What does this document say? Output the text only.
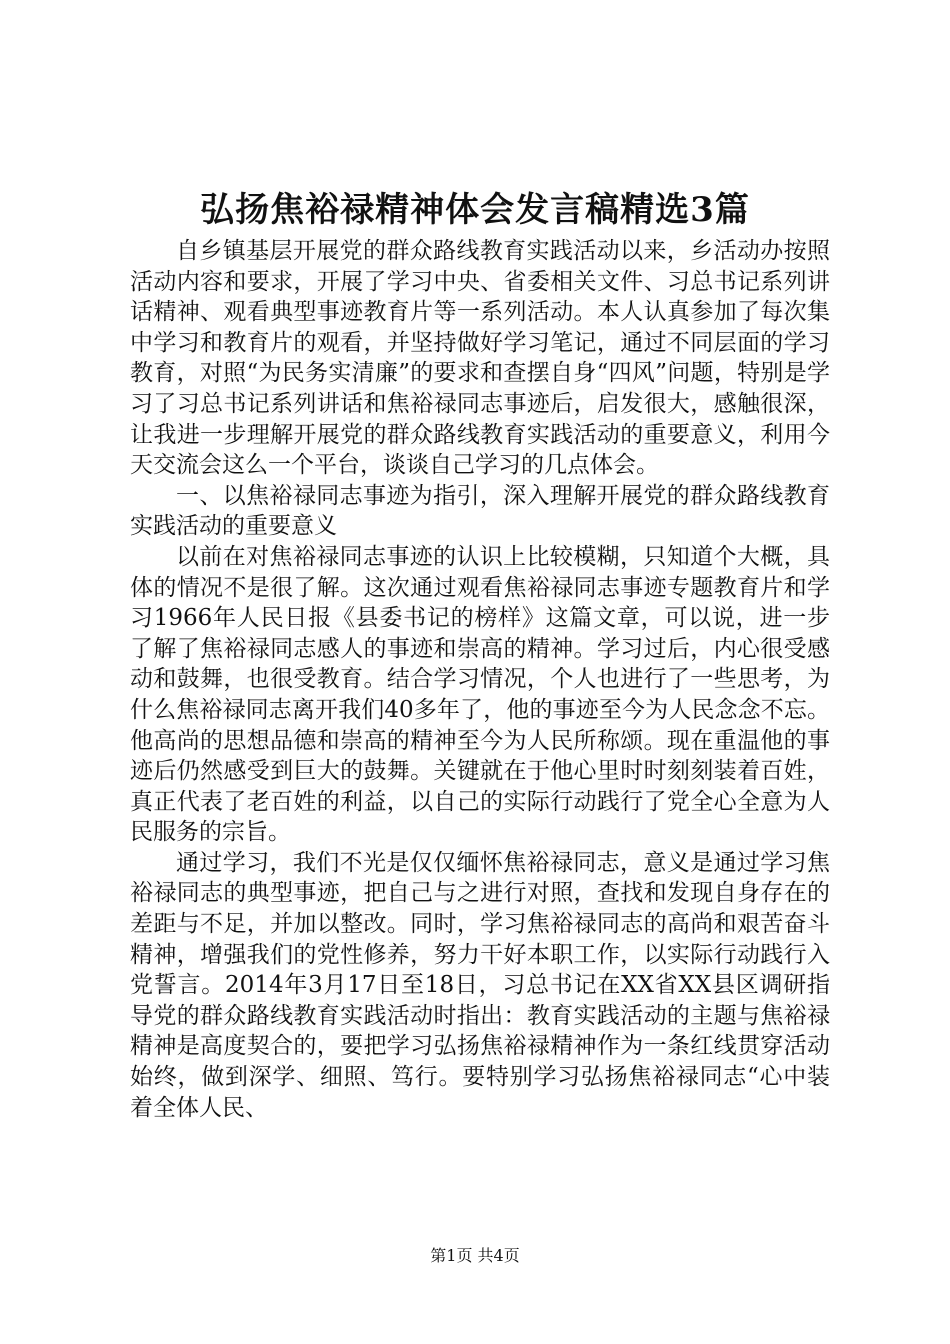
弘扬焦裕禄精神体会发言稿精选3篇

自乡镇基层开展党的群众路线教育实践活动以来，乡活动办按照活动内容和要求，开展了学习中央、省委相关文件、习总书记系列讲话精神、观看典型事迹教育片等一系列活动。本人认真参加了每次集中学习和教育片的观看，并坚持做好学习笔记，通过不同层面的学习教育，对照“为民务实清廉”的要求和查摆自身“四风”问题，特别是学习了习总书记系列讲话和焦裕禄同志事迹后，启发很大，感触很深，让我进一步理解开展党的群众路线教育实践活动的重要意义，利用今天交流会这么一个平台，谈谈自己学习的几点体会。

一、以焦裕禄同志事迹为指引，深入理解开展党的群众路线教育实践活动的重要意义

以前在对焦裕禄同志事迹的认识上比较模糊，只知道个大概，具体的情况不是很了解。这次通过观看焦裕禄同志事迹专题教育片和学习1966年人民日报《县委书记的榜样》这篇文章，可以说，进一步了解了焦裕禄同志感人的事迹和崇高的精神。学习过后，内心很受感动和鼓舞，也很受教育。结合学习情况，个人也进行了一些思考，为什么焦裕禄同志离开我们40多年了，他的事迹至今为人民念念不忘。他高尚的思想品德和崇高的精神至今为人民所称颂。现在重温他的事迹后仍然感受到巨大的鼓舞。关键就在于他心里时时刻刻装着百姓，真正代表了老百姓的利益，以自己的实际行动践行了党全心全意为人民服务的宗旨。

通过学习，我们不光是仅仅缅怀焦裕禄同志，意义是通过学习焦裕禄同志的典型事迹，把自己与之进行对照，查找和发现自身存在的差距与不足，并加以整改。同时，学习焦裕禄同志的高尚和艰苦奋斗精神，增强我们的党性修养，努力干好本职工作，以实际行动践行入党誓言。2014年3月17日至18日，习总书记在XX省XX县区调研指导党的群众路线教育实践活动时指出：教育实践活动的主题与焦裕禄精神是高度契合的，要把学习弘扬焦裕禄精神作为一条红线贯穿活动始终，做到深学、细照、笃行。要特别学习弘扬焦裕禄同志“心中装着全体人民、

第1页 共4页
